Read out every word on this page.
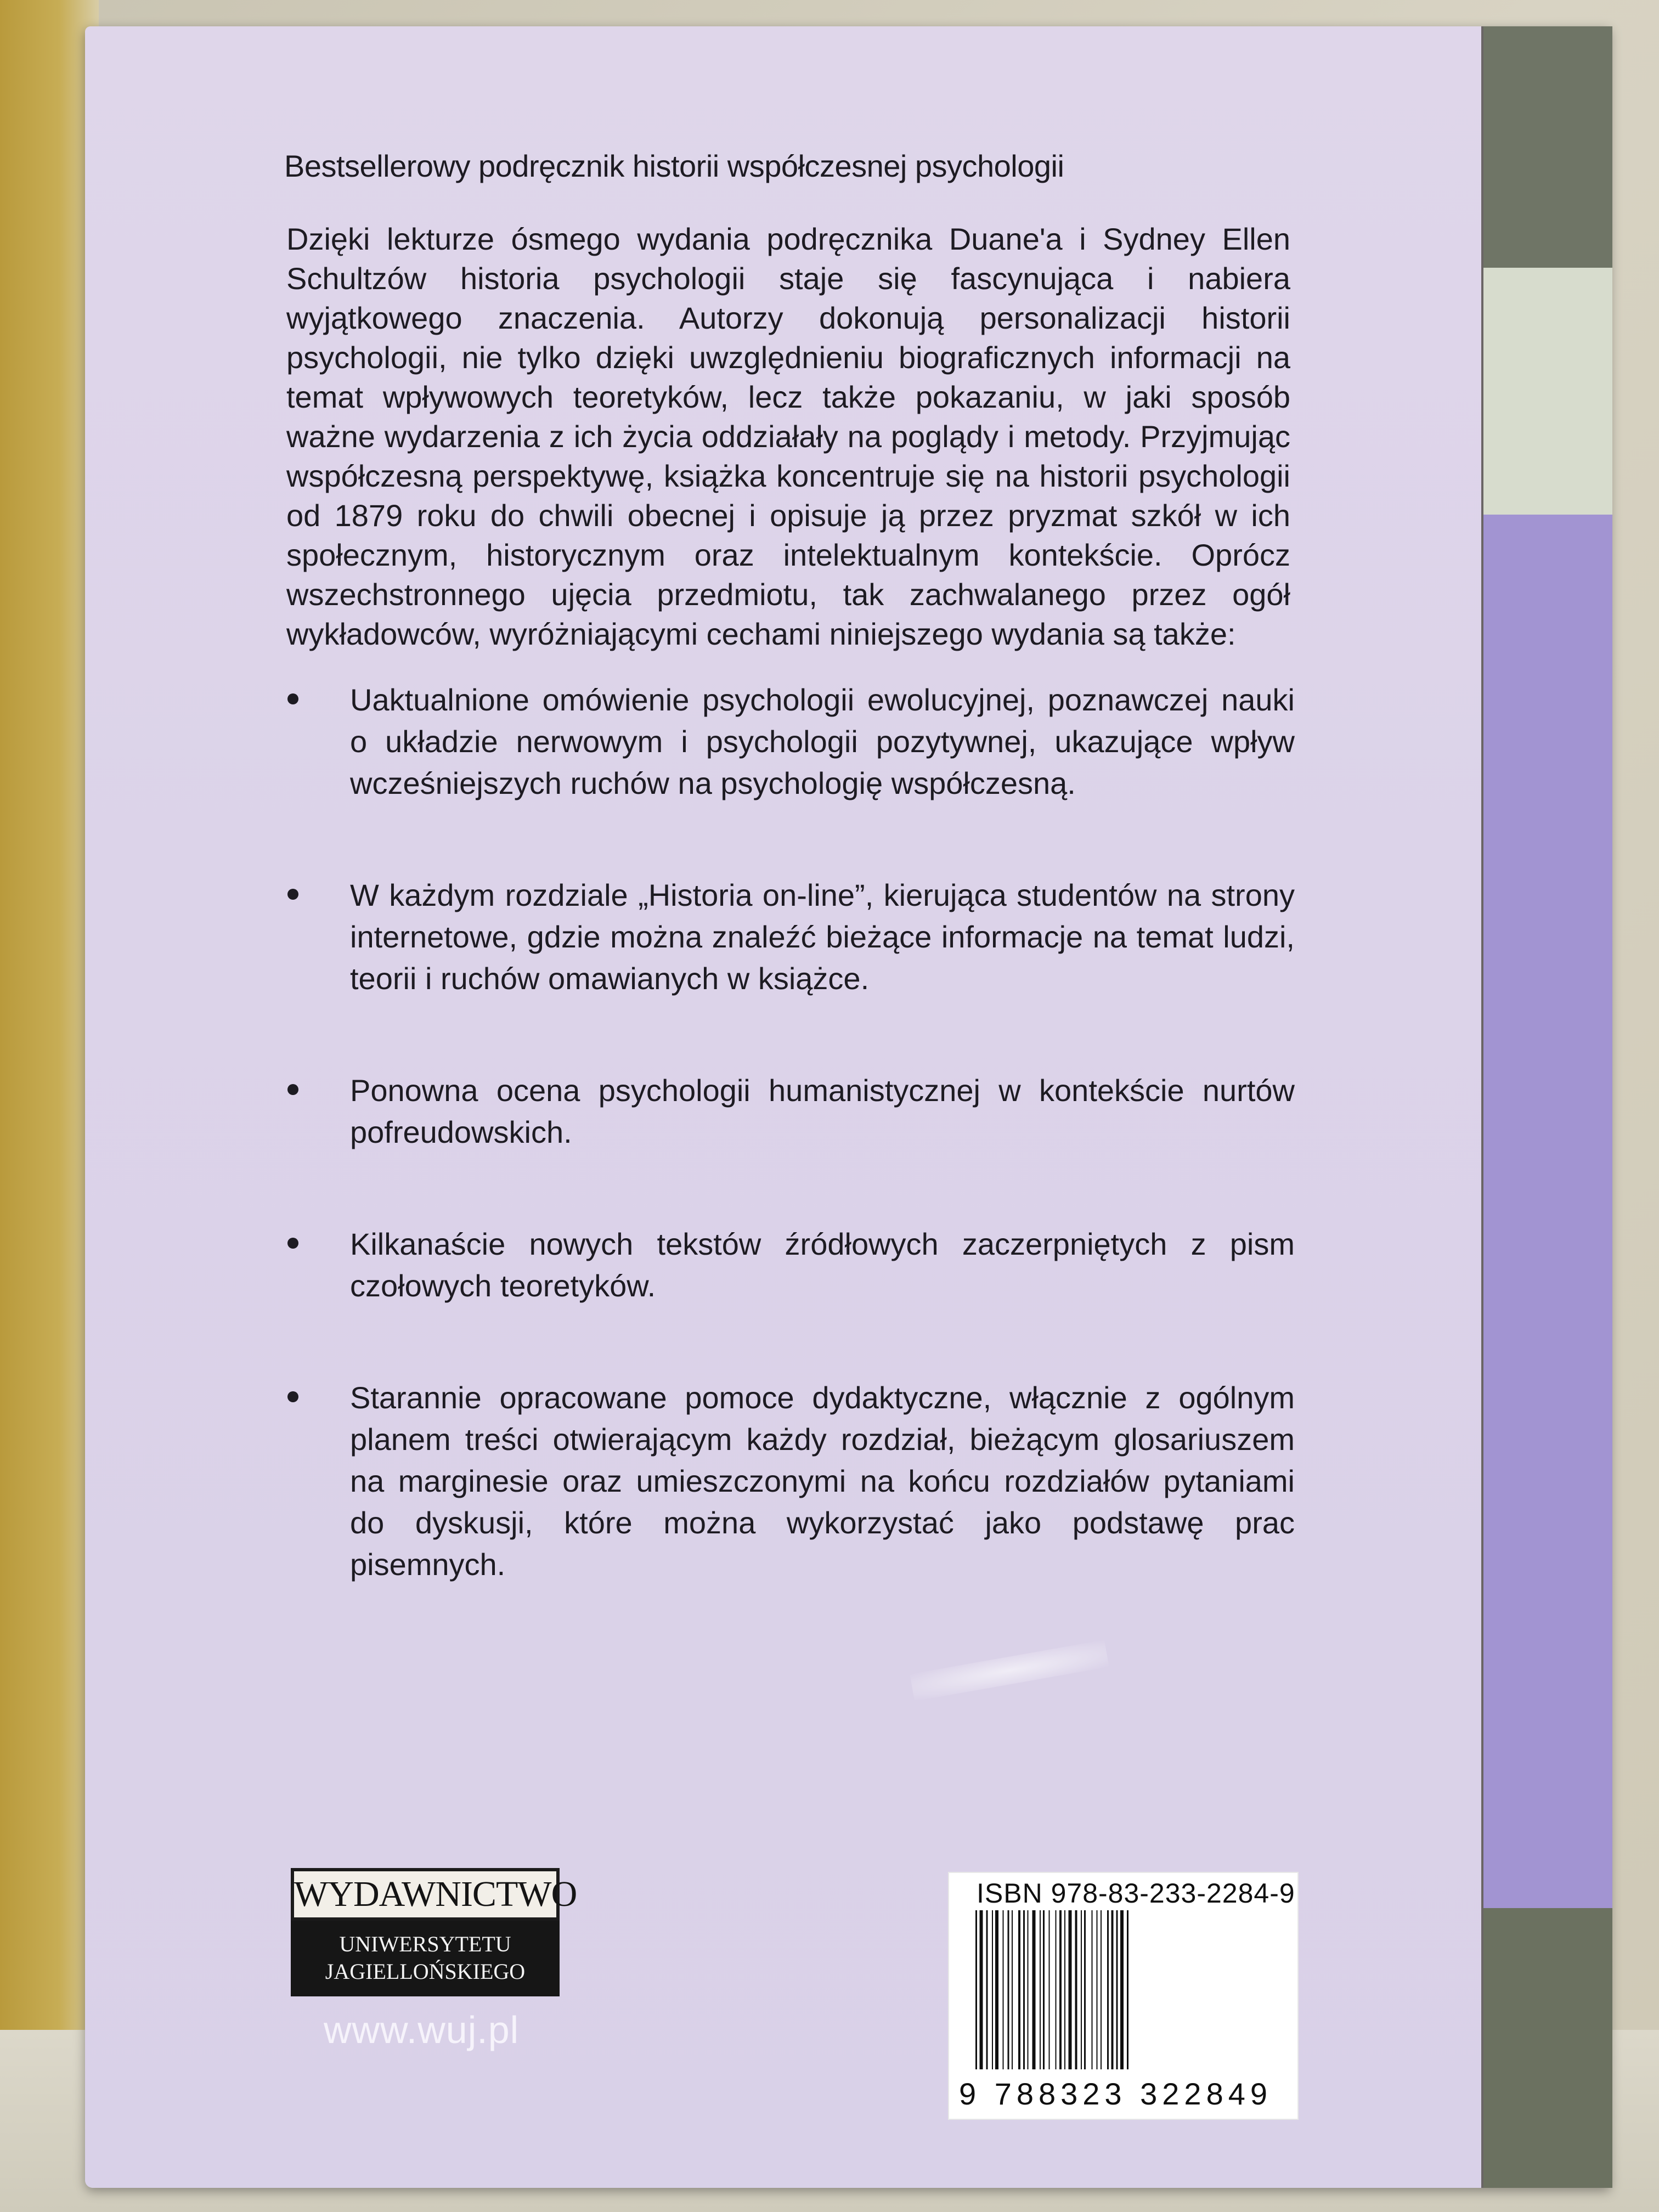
Bestsellerowy podręcznik historii współczesnej psychologii
Dzięki lekturze ósmego wydania podręcznika Duane'a i Sydney Ellen Schultzów historia psychologii staje się fascynująca i nabiera wyjątkowego znaczenia. Autorzy dokonują personalizacji historii psychologii, nie tylko dzięki uwzględnieniu biograficznych informacji na temat wpływowych teoretyków, lecz także pokazaniu, w jaki sposób ważne wydarzenia z ich życia oddziałały na poglądy i metody. Przyjmując współczesną perspektywę, książka koncentruje się na historii psychologii od 1879 roku do chwili obecnej i opisuje ją przez pryzmat szkół w ich społecznym, historycznym oraz intelektualnym kontekście. Oprócz wszechstronnego ujęcia przedmiotu, tak zachwalanego przez ogół wykładowców, wyróżniającymi cechami niniejszego wydania są także:
Uaktualnione omówienie psychologii ewolucyjnej, poznawczej nauki o układzie nerwowym i psychologii pozytywnej, ukazujące wpływ wcześniejszych ruchów na psychologię współczesną.
W każdym rozdziale „Historia on-line”, kierująca studentów na strony internetowe, gdzie można znaleźć bieżące informacje na temat ludzi, teorii i ruchów omawianych w książce.
Ponowna ocena psychologii humanistycznej w kontekście nurtów pofreudowskich.
Kilkanaście nowych tekstów źródłowych zaczerpniętych z pism czołowych teoretyków.
Starannie opracowane pomoce dydaktyczne, włącznie z ogólnym planem treści otwierającym każdy rozdział, bieżącym glosariuszem na marginesie oraz umieszczonymi na końcu rozdziałów pytaniami do dyskusji, które można wykorzystać jako podstawę prac pisemnych.
WYDAWNICTWO
UNIWERSYTETU
JAGIELLOŃSKIEGO
www.wuj.pl
ISBN 978-83-233-2284-9
9 788323 322849
